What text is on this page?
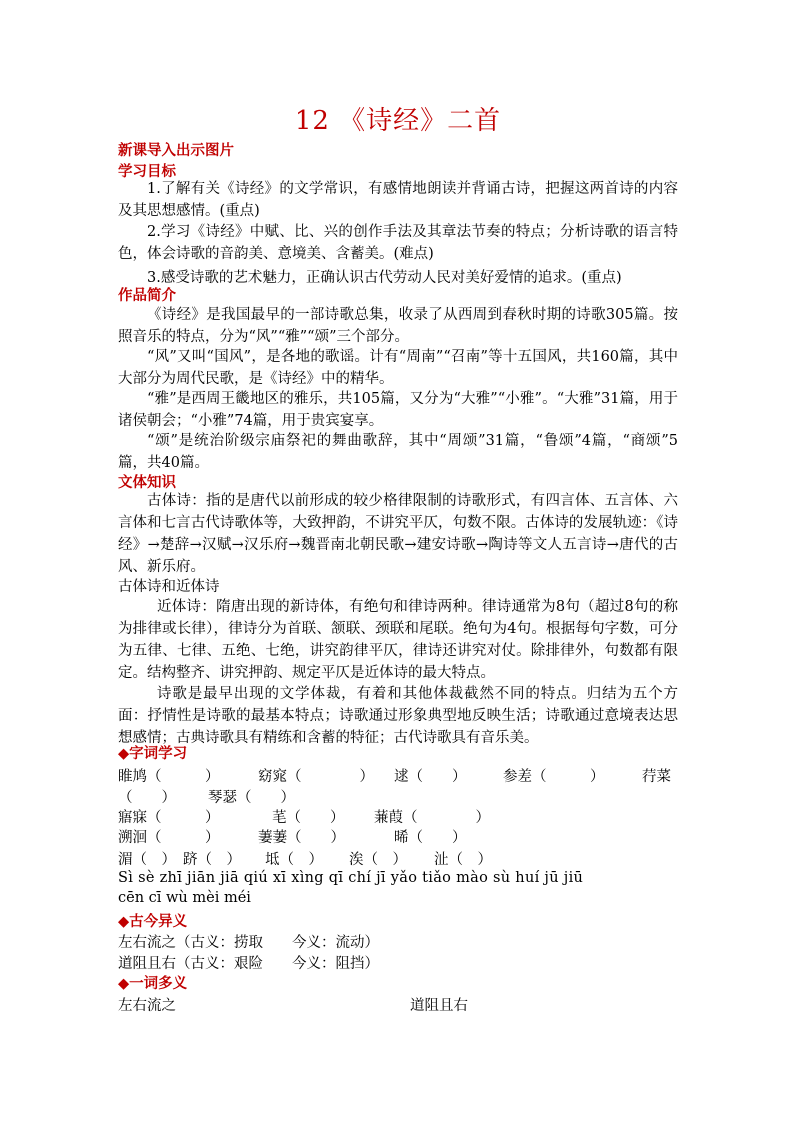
12 《诗经》二首
新课导入出示图片
学习目标
1.了解有关《诗经》的文学常识，有感情地朗读并背诵古诗，把握这两首诗的内容及其思想感情。(重点)
2.学习《诗经》中赋、比、兴的创作手法及其章法节奏的特点；分析诗歌的语言特色，体会诗歌的音韵美、意境美、含蓄美。(难点)
3.感受诗歌的艺术魅力，正确认识古代劳动人民对美好爱情的追求。(重点)
作品简介
《诗经》是我国最早的一部诗歌总集，收录了从西周到春秋时期的诗歌305篇。按照音乐的特点，分为“风”“雅”“颂”三个部分。
“风”又叫“国风”，是各地的歌谣。计有“周南”“召南”等十五国风，共160篇，其中大部分为周代民歌，是《诗经》中的精华。
“雅”是西周王畿地区的雅乐，共105篇，又分为“大雅”“小雅”。“大雅”31篇，用于诸侯朝会；“小雅”74篇，用于贵宾宴享。
“颂”是统治阶级宗庙祭祀的舞曲歌辞，其中“周颂”31篇，“鲁颂”4篇，“商颂”5篇，共40篇。
文体知识
古体诗：指的是唐代以前形成的较少格律限制的诗歌形式，有四言体、五言体、六言体和七言古代诗歌体等，大致押韵，不讲究平仄，句数不限。古体诗的发展轨迹：《诗经》→楚辞→汉赋→汉乐府→魏晋南北朝民歌→建安诗歌→陶诗等文人五言诗→唐代的古风、新乐府。
古体诗和近体诗
近体诗：隋唐出现的新诗体，有绝句和律诗两种。律诗通常为8句（超过8句的称为排律或长律），律诗分为首联、颔联、颈联和尾联。绝句为4句。根据每句字数，可分为五律、七律、五绝、七绝，讲究韵律平仄，律诗还讲究对仗。除排律外，句数都有限定。结构整齐、讲究押韵、规定平仄是近体诗的最大特点。
诗歌是最早出现的文学体裁，有着和其他体裁截然不同的特点。归结为五个方面：抒情性是诗歌的最基本特点；诗歌通过形象典型地反映生活；诗歌通过意境表达思想感情；古典诗歌具有精练和含蓄的特征；古代诗歌具有音乐美。
◆字词学习
睢鸠（　　　）	窈窕（　　　　） 逑（　　）	参差（　　　）	荇菜
（　　） 琴瑟（　　）
寤寐（　　　）	芼（　　） 蒹葭（　　　　）
溯洄（　　　）	萋萋（　　）	晞（　　）
湄（　） 跻（　） 坻（　） 涘（　） 沚（　）
Sì sè zhī jiān jiā qiú xī xìng qī chí jī yǎo tiǎo mào sù huí jū jiū
cēn cī wù mèi méi
◆古今异义
左右流之（古义：捞取　　今义：流动）
道阻且右（古义：艰险　　今义：阻挡）
◆一词多义
左右流之	道阻且右
